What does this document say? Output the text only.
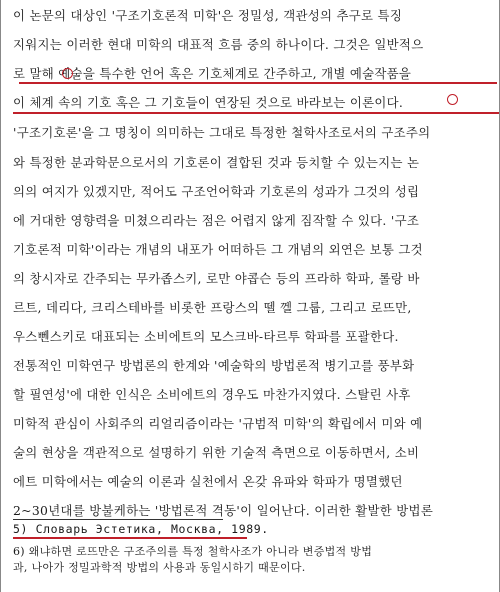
이 논문의 대상인 '구조기호론적 미학'은 정밀성, 객관성의 추구로 특징
지워지는 이러한 현대 미학의 대표적 흐름 중의 하나이다. 그것은 일반적으
로 말해 예술을 특수한 언어 혹은 기호체계로 간주하고, 개별 예술작품을
이 체계 속의 기호 혹은 그 기호들이 연장된 것으로 바라보는 이론이다.
'구조기호론'을 그 명칭이 의미하는 그대로 특정한 철학사조로서의 구조주의
와 특정한 분과학문으로서의 기호론이 결합된 것과 등치할 수 있는지는 논
의의 여지가 있겠지만, 적어도 구조언어학과 기호론의 성과가 그것의 성립
에 거대한 영향력을 미쳤으리라는 점은 어렵지 않게 짐작할 수 있다. '구조
기호론적 미학'이라는 개념의 내포가 어떠하든 그 개념의 외연은 보통 그것
의 창시자로 간주되는 무카좁스키, 로만 야콥슨 등의 프라하 학파, 롤랑 바
르트, 데리다, 크리스테바를 비롯한 프랑스의 뗄 껠 그룹, 그리고 로뜨만,
우스뻰스키로 대표되는 소비에트의 모스크바-타르투 학파를 포괄한다.
전통적인 미학연구 방법론의 한계와 '예술학의 방법론적 병기고를 풍부화
할 필연성'에 대한 인식은 소비에트의 경우도 마찬가지였다. 스탈린 사후
미학적 관심이 사회주의 리얼리즘이라는 '규범적 미학'의 확립에서 미와 예
술의 현상을 객관적으로 설명하기 위한 기술적 측면으로 이동하면서, 소비
에트 미학에서는 예술의 이론과 실천에서 온갖 유파와 학파가 명멸했던
2~30년대를 방불케하는 '방법론적 격동'이 일어난다. 이러한 활발한 방법론
5) Словарь Эстетика, Москва, 1989.
6) 왜냐하면 로뜨만은 구조주의를 특정 철학사조가 아니라 변증법적 방법
과, 나아가 정밀과학적 방법의 사용과 동일시하기 때문이다.
